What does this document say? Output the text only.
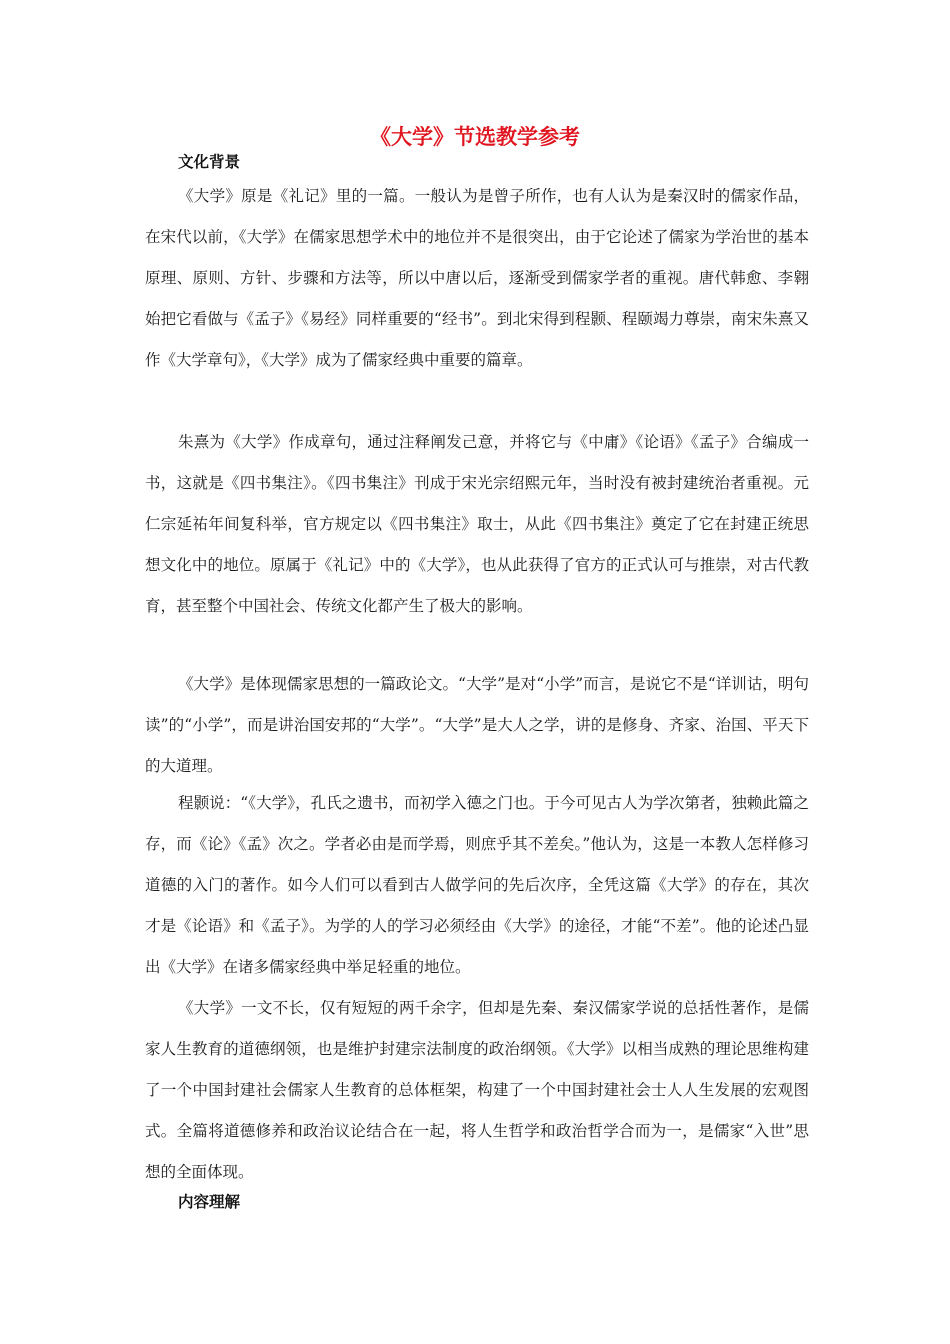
《大学》节选教学参考
文化背景

《大学》原是《礼记》里的一篇。一般认为是曾子所作，也有人认为是秦汉时的儒家作品，在宋代以前，《大学》在儒家思想学术中的地位并不是很突出，由于它论述了儒家为学治世的基本原理、原则、方针、步骤和方法等，所以中唐以后，逐渐受到儒家学者的重视。唐代韩愈、李翱始把它看做与《孟子》《易经》同样重要的“经书”。到北宋得到程颢、程颐竭力尊崇，南宋朱熹又作《大学章句》，《大学》成为了儒家经典中重要的篇章。

朱熹为《大学》作成章句，通过注释阐发己意，并将它与《中庸》《论语》《孟子》合编成一书，这就是《四书集注》。《四书集注》刊成于宋光宗绍熙元年，当时没有被封建统治者重视。元仁宗延祐年间复科举，官方规定以《四书集注》取士，从此《四书集注》奠定了它在封建正统思想文化中的地位。原属于《礼记》中的《大学》，也从此获得了官方的正式认可与推崇，对古代教育，甚至整个中国社会、传统文化都产生了极大的影响。

《大学》是体现儒家思想的一篇政论文。“大学”是对“小学”而言，是说它不是“详训诂，明句读”的“小学”，而是讲治国安邦的“大学”。“大学”是大人之学，讲的是修身、齐家、治国、平天下的大道理。

程颢说：“《大学》，孔氏之遗书，而初学入德之门也。于今可见古人为学次第者，独赖此篇之存，而《论》《孟》次之。学者必由是而学焉，则庶乎其不差矣。”他认为，这是一本教人怎样修习道德的入门的著作。如今人们可以看到古人做学问的先后次序，全凭这篇《大学》的存在，其次才是《论语》和《孟子》。为学的人的学习必须经由《大学》的途径，才能“不差”。他的论述凸显出《大学》在诸多儒家经典中举足轻重的地位。

《大学》一文不长，仅有短短的两千余字，但却是先秦、秦汉儒家学说的总括性著作，是儒家人生教育的道德纲领，也是维护封建宗法制度的政治纲领。《大学》以相当成熟的理论思维构建了一个中国封建社会儒家人生教育的总体框架，构建了一个中国封建社会士人人生发展的宏观图式。全篇将道德修养和政治议论结合在一起，将人生哲学和政治哲学合而为一，是儒家“入世”思想的全面体现。

内容理解
